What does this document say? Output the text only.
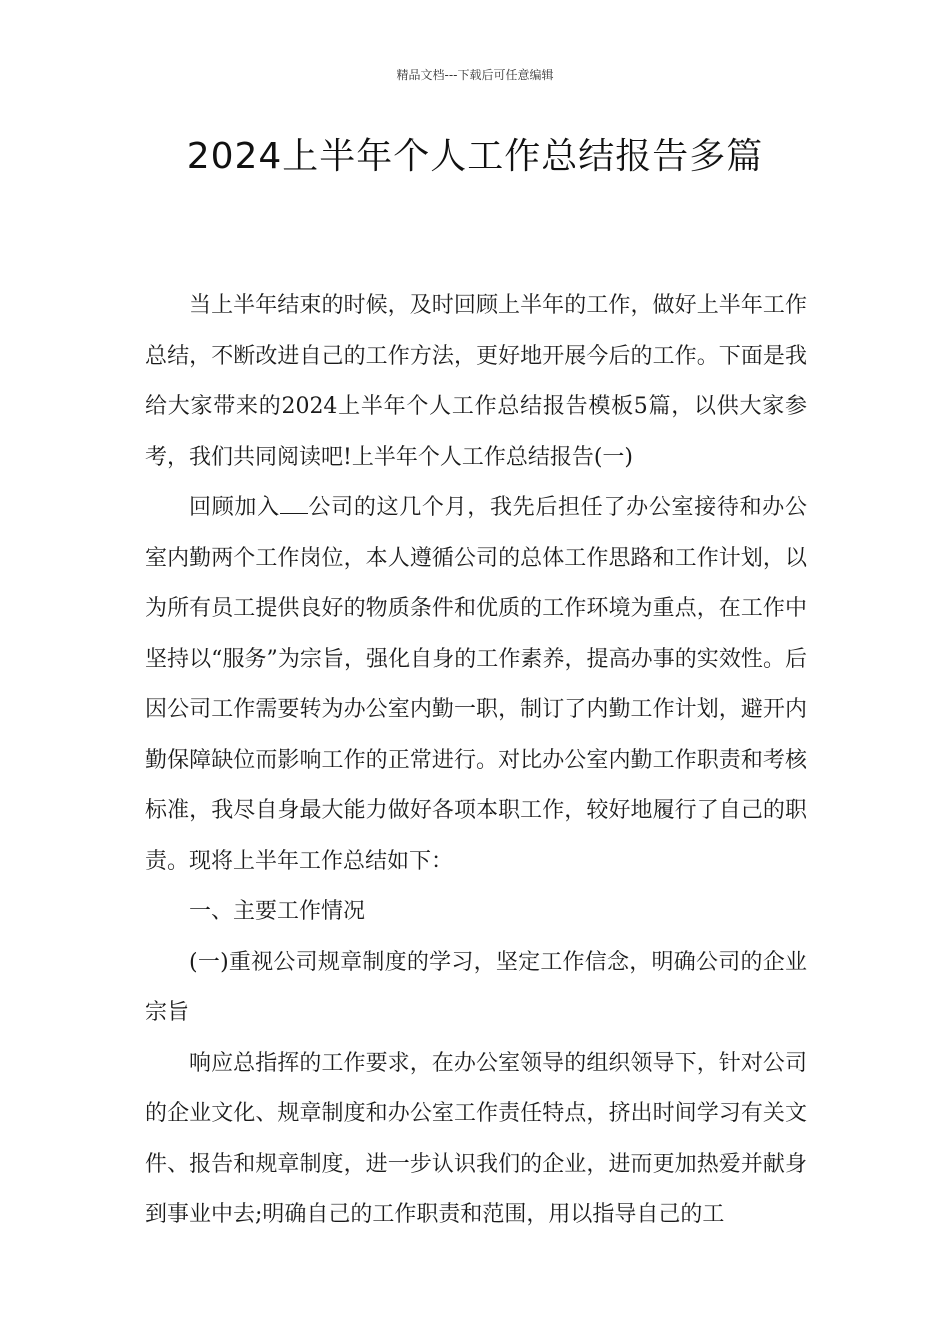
精品文档---下载后可任意编辑
2024上半年个人工作总结报告多篇

当上半年结束的时候，及时回顾上半年的工作，做好上半年工作总结，不断改进自己的工作方法，更好地开展今后的工作。下面是我给大家带来的2024上半年个人工作总结报告模板5篇，以供大家参考，我们共同阅读吧!上半年个人工作总结报告(一)

回顾加入 公司的这几个月，我先后担任了办公室接待和办公室内勤两个工作岗位，本人遵循公司的总体工作思路和工作计划，以为所有员工提供良好的物质条件和优质的工作环境为重点，在工作中坚持以“服务”为宗旨，强化自身的工作素养，提高办事的实效性。后因公司工作需要转为办公室内勤一职，制订了内勤工作计划，避开内勤保障缺位而影响工作的正常进行。对比办公室内勤工作职责和考核标准，我尽自身最大能力做好各项本职工作，较好地履行了自己的职责。现将上半年工作总结如下：

一、主要工作情况

(一)重视公司规章制度的学习，坚定工作信念，明确公司的企业宗旨

响应总指挥的工作要求，在办公室领导的组织领导下，针对公司的企业文化、规章制度和办公室工作责任特点，挤出时间学习有关文件、报告和规章制度，进一步认识我们的企业，进而更加热爱并献身到事业中去;明确自己的工作职责和范围，用以指导自己的工
